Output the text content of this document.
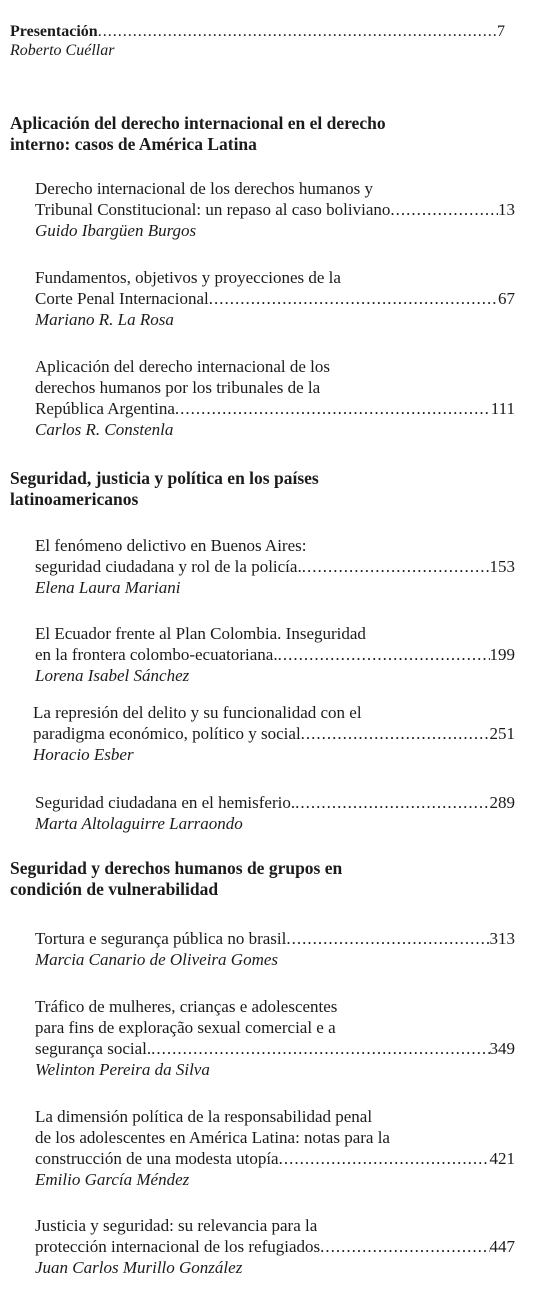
Presentación .....	7
Roberto Cuéllar
Aplicación del derecho internacional en el derecho
interno: casos de América Latina
Derecho internacional de los derechos humanos y
Tribunal Constitucional: un repaso al caso boliviano .....	13
Guido Ibargüen Burgos
Fundamentos, objetivos y proyecciones de la
Corte Penal Internacional .....	67
Mariano R. La Rosa
Aplicación del derecho internacional de los
derechos humanos por los tribunales de la
República Argentina .....	111
Carlos R. Constenla
Seguridad, justicia y política en los países
latinoamericanos
El fenómeno delictivo en Buenos Aires:
seguridad ciudadana y rol de la policía. .....	153
Elena Laura Mariani
El Ecuador frente al Plan Colombia. Inseguridad
en la frontera colombo-ecuatoriana. .....	199
Lorena Isabel Sánchez
La represión del delito y su funcionalidad con el
paradigma económico, político y social .....	251
Horacio Esber
Seguridad ciudadana en el hemisferio. .....	289
Marta Altolaguirre Larraondo
Seguridad y derechos humanos de grupos en
condición de vulnerabilidad
Tortura e segurança pública no brasil .....	313
Marcia Canario de Oliveira Gomes
Tráfico de mulheres, crianças e adolescentes
para fins de exploração sexual comercial e a
segurança social. .....	349
Welinton Pereira da Silva
La dimensión política de la responsabilidad penal
de los adolescentes en América Latina: notas para la
construcción de una modesta utopía .....	421
Emilio García Méndez
Justicia y seguridad: su relevancia para la
protección internacional de los refugiados .....	447
Juan Carlos Murillo González
